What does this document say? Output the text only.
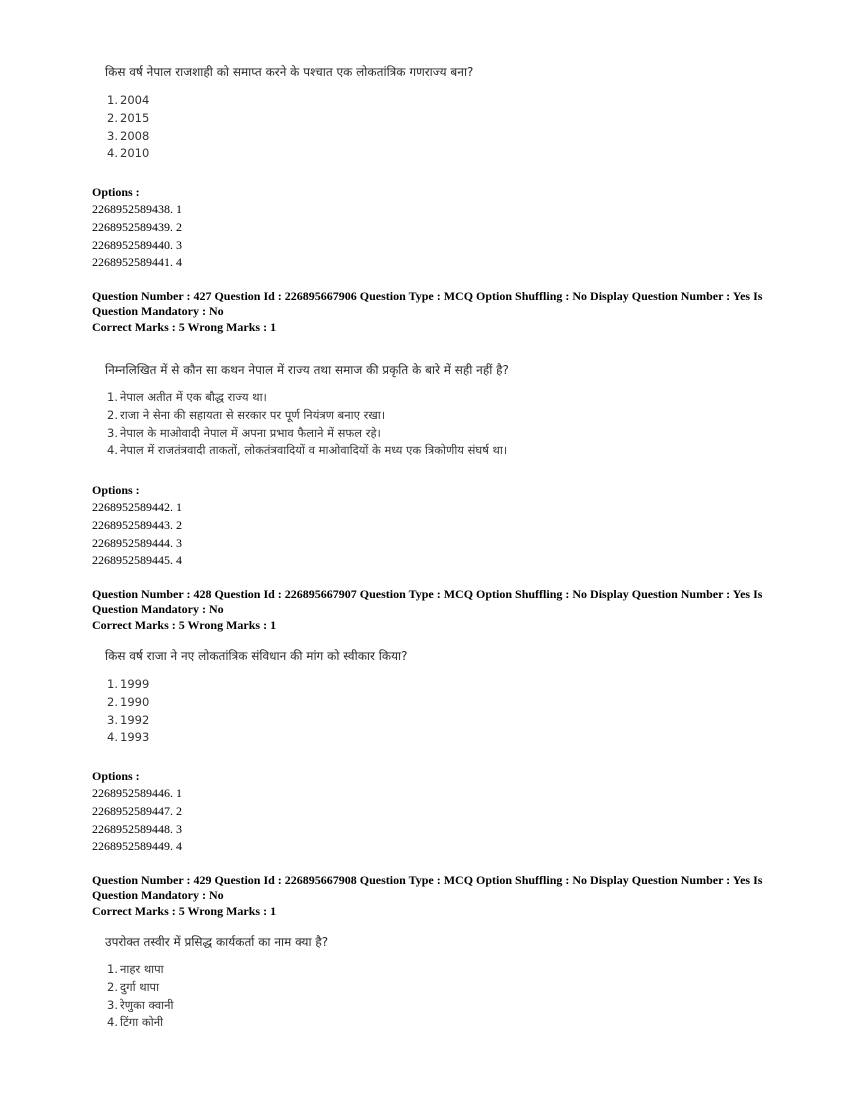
किस वर्ष नेपाल राजशाही को समाप्त करने के पश्चात एक लोकतांत्रिक गणराज्य बना?
1. 2004
2. 2015
3. 2008
4. 2010
Options :
2268952589438. 1
2268952589439. 2
2268952589440. 3
2268952589441. 4
Question Number : 427 Question Id : 226895667906 Question Type : MCQ Option Shuffling : No Display Question Number : Yes Is Question Mandatory : No
Correct Marks : 5 Wrong Marks : 1
निम्नलिखित में से कौन सा कथन नेपाल में राज्य तथा समाज की प्रकृति के बारे में सही नहीं है?
1. नेपाल अतीत में एक बौद्ध राज्य था।
2. राजा ने सेना की सहायता से सरकार पर पूर्ण नियंत्रण बनाए रखा।
3. नेपाल के माओवादी नेपाल में अपना प्रभाव फैलाने में सफल रहे।
4. नेपाल में राजतंत्रवादी ताकतों, लोकतंत्रवादियों व माओवादियों के मध्य एक त्रिकोणीय संघर्ष था।
Options :
2268952589442. 1
2268952589443. 2
2268952589444. 3
2268952589445. 4
Question Number : 428 Question Id : 226895667907 Question Type : MCQ Option Shuffling : No Display Question Number : Yes Is Question Mandatory : No
Correct Marks : 5 Wrong Marks : 1
किस वर्ष राजा ने नए लोकतांत्रिक संविधान की मांग को स्वीकार किया?
1. 1999
2. 1990
3. 1992
4. 1993
Options :
2268952589446. 1
2268952589447. 2
2268952589448. 3
2268952589449. 4
Question Number : 429 Question Id : 226895667908 Question Type : MCQ Option Shuffling : No Display Question Number : Yes Is Question Mandatory : No
Correct Marks : 5 Wrong Marks : 1
उपरोक्त तस्वीर में प्रसिद्ध कार्यकर्ता का नाम क्या है?
1. नाहर थापा
2. दुर्गा थापा
3. रेणुका क्वानी
4. टिंगा कोनी
